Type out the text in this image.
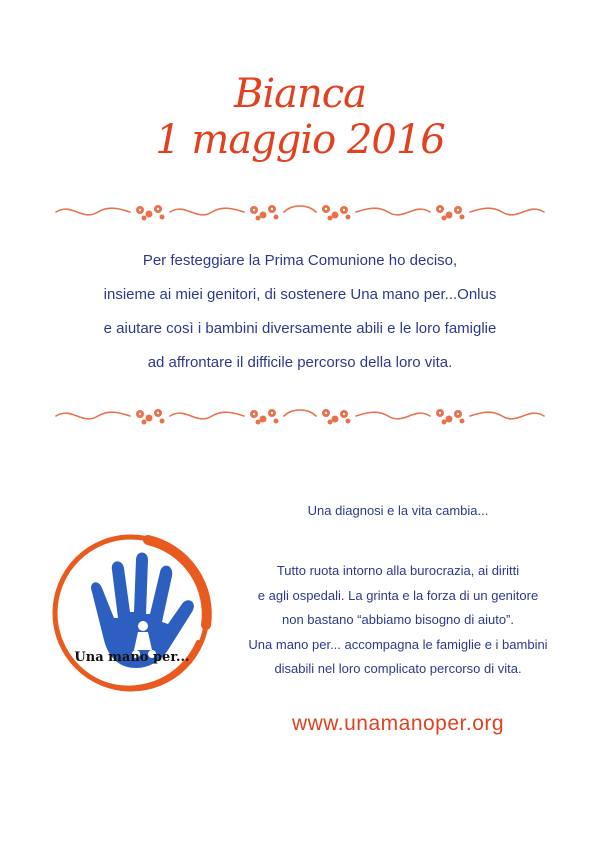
Bianca
1 maggio 2016

Per festeggiare la Prima Comunione ho deciso,

insieme ai miei genitori, di sostenere Una mano per...Onlus

e aiutare così i bambini diversamente abili e le loro famiglie

ad affrontare il difficile percorso della loro vita.

Una mano per...
Una diagnosi e la vita cambia...

Tutto ruota intorno alla burocrazia, ai diritti

e agli ospedali. La grinta e la forza di un genitore

non bastano “abbiamo bisogno di aiuto”.

Una mano per... accompagna le famiglie e i bambini

disabili nel loro complicato percorso di vita.

www.unamanoper.org
